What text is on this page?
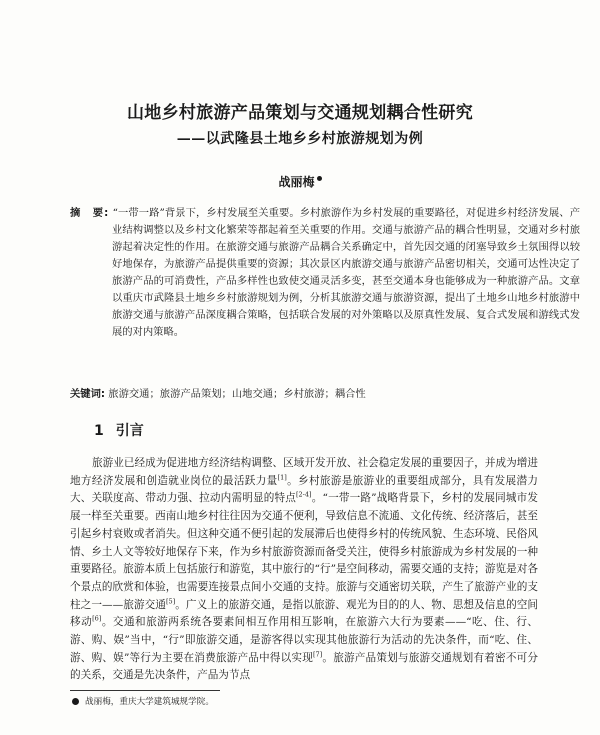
山地乡村旅游产品策划与交通规划耦合性研究
——以武隆县土地乡乡村旅游规划为例
战丽梅

摘　要: “一带一路”背景下，乡村发展至关重要。乡村旅游作为乡村发展的重要路径，对促进乡村经济发展、产业结构调整以及乡村文化繁荣等都起着至关重要的作用。交通与旅游产品的耦合性明显，交通对乡村旅游起着决定性的作用。在旅游交通与旅游产品耦合关系确定中，首先因交通的闭塞导致乡土氛围得以较好地保存，为旅游产品提供重要的资源；其次景区内旅游交通与旅游产品密切相关，交通可达性决定了旅游产品的可消费性，产品多样性也致使交通灵活多变，甚至交通本身也能够成为一种旅游产品。文章以重庆市武隆县土地乡乡村旅游规划为例，分析其旅游交通与旅游资源，提出了土地乡山地乡村旅游中旅游交通与旅游产品深度耦合策略，包括联合发展的对外策略以及原真性发展、复合式发展和游线式发展的对内策略。

关键词: 旅游交通；旅游产品策划；山地交通；乡村旅游；耦合性

1 引言

旅游业已经成为促进地方经济结构调整、区域开发开放、社会稳定发展的重要因子，并成为增进地方经济发展和创造就业岗位的最活跃力量[1]。乡村旅游是旅游业的重要组成部分，具有发展潜力大、关联度高、带动力强、拉动内需明显的特点[2-4]。“一带一路”战略背景下，乡村的发展同城市发展一样至关重要。西南山地乡村往往因为交通不便利，导致信息不流通、文化传统、经济落后，甚至引起乡村衰败或者消失。但这种交通不便引起的发展滞后也使得乡村的传统风貌、生态环境、民俗风情、乡土人文等较好地保存下来，作为乡村旅游资源而备受关注，使得乡村旅游成为乡村发展的一种重要路径。旅游本质上包括旅行和游览，其中旅行的“行”是空间移动，需要交通的支持；游览是对各个景点的欣赏和体验，也需要连接景点间小交通的支持。旅游与交通密切关联，产生了旅游产业的支柱之一——旅游交通[5]。广义上的旅游交通，是指以旅游、观光为目的的人、物、思想及信息的空间移动[6]。交通和旅游两系统各要素间相互作用相互影响，在旅游六大行为要素——“吃、住、行、游、购、娱”当中，“行”即旅游交通，是游客得以实现其他旅游行为活动的先决条件，而“吃、住、游、购、娱”等行为主要在消费旅游产品中得以实现[7]。旅游产品策划与旅游交通规划有着密不可分的关系，交通是先决条件，产品为节点

战丽梅，重庆大学建筑城规学院。
